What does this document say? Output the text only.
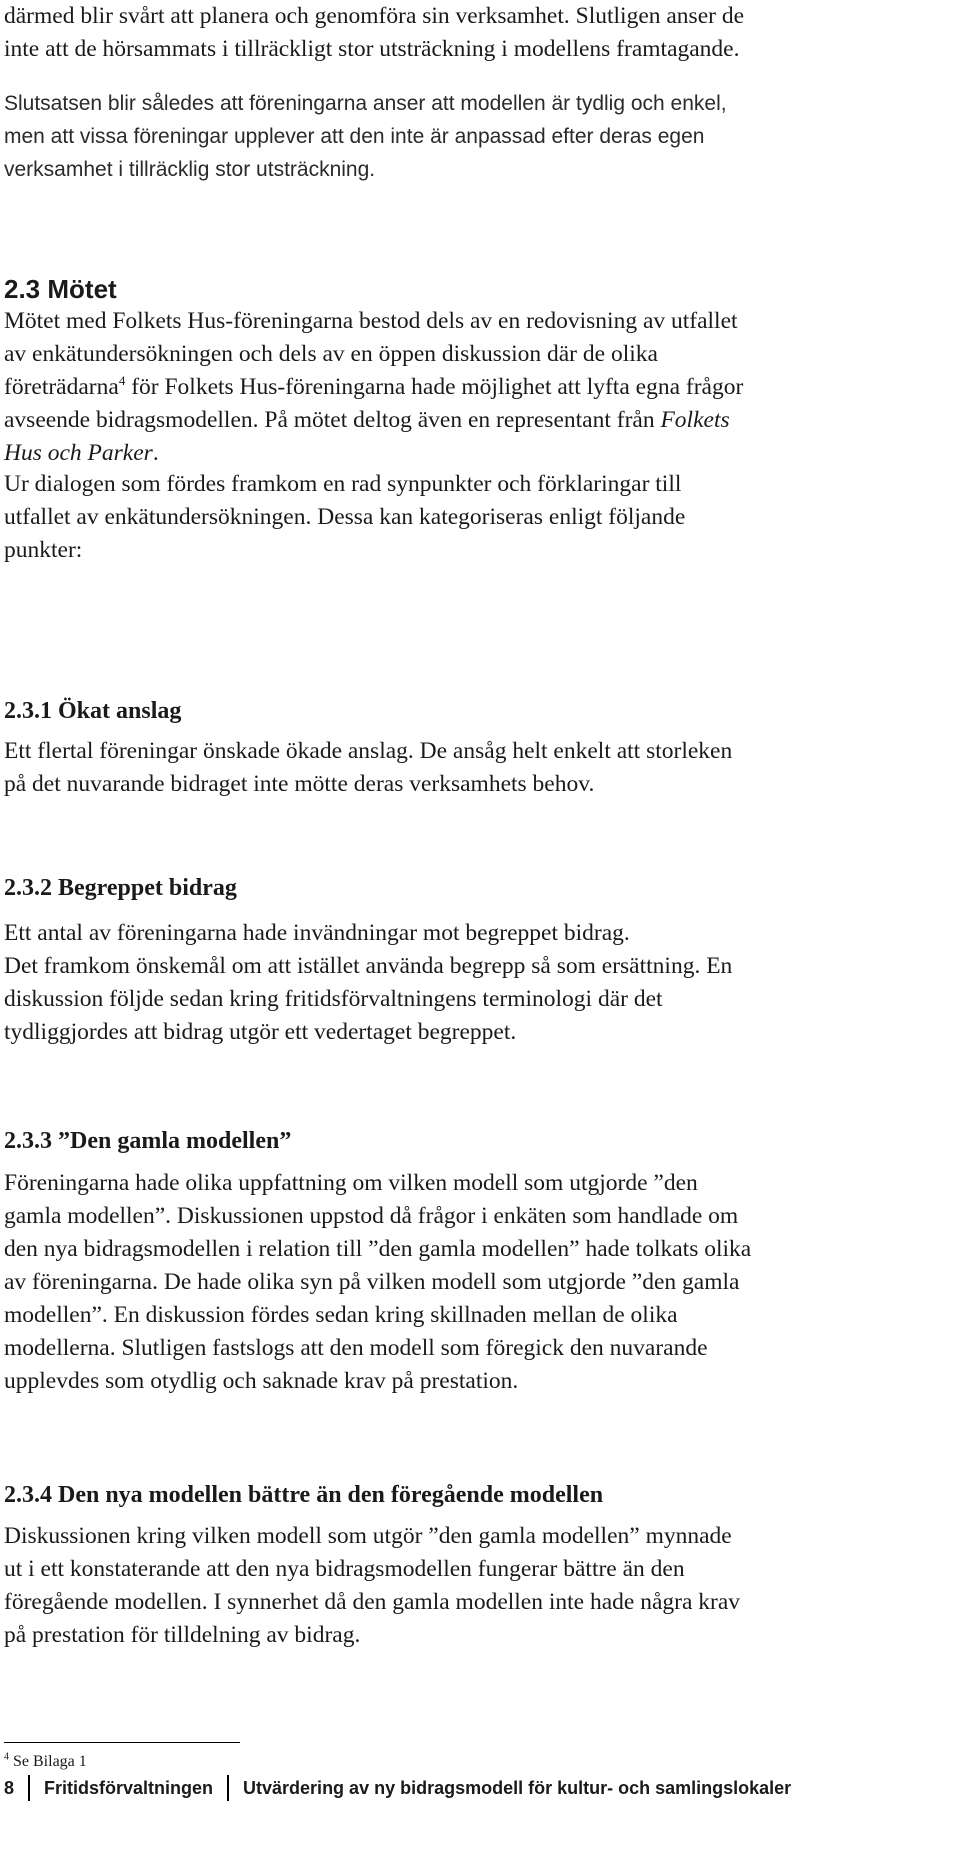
därmed blir svårt att planera och genomföra sin verksamhet. Slutligen anser de
inte att de hörsammats i tillräckligt stor utsträckning i modellens framtagande.

Slutsatsen blir således att föreningarna anser att modellen är tydlig och enkel,
men att vissa föreningar upplever att den inte är anpassad efter deras egen
verksamhet i tillräcklig stor utsträckning.

2.3 Mötet

Mötet med Folkets Hus-föreningarna bestod dels av en redovisning av utfallet
av enkätundersökningen och dels av en öppen diskussion där de olika
företrädarna$^4$ för Folkets Hus-föreningarna hade möjlighet att lyfta egna frågor
avseende bidragsmodellen. På mötet deltog även en representant från Folkets
Hus och Parker.

Ur dialogen som fördes framkom en rad synpunkter och förklaringar till
utfallet av enkätundersökningen. Dessa kan kategoriseras enligt följande
punkter:

2.3.1 Ökat anslag

Ett flertal föreningar önskade ökade anslag. De ansåg helt enkelt att storleken
på det nuvarande bidraget inte mötte deras verksamhets behov.

2.3.2 Begreppet bidrag

Ett antal av föreningarna hade invändningar mot begreppet bidrag.
Det framkom önskemål om att istället använda begrepp så som ersättning. En
diskussion följde sedan kring fritidsförvaltningens terminologi där det
tydliggjordes att bidrag utgör ett vedertaget begreppet.

2.3.3 ”Den gamla modellen”

Föreningarna hade olika uppfattning om vilken modell som utgjorde ”den
gamla modellen”. Diskussionen uppstod då frågor i enkäten som handlade om
den nya bidragsmodellen i relation till ”den gamla modellen” hade tolkats olika
av föreningarna. De hade olika syn på vilken modell som utgjorde ”den gamla
modellen”. En diskussion fördes sedan kring skillnaden mellan de olika
modellerna. Slutligen fastslogs att den modell som föregick den nuvarande
upplevdes som otydlig och saknade krav på prestation.

2.3.4 Den nya modellen bättre än den föregående modellen

Diskussionen kring vilken modell som utgör ”den gamla modellen” mynnade
ut i ett konstaterande att den nya bidragsmodellen fungerar bättre än den
föregående modellen. I synnerhet då den gamla modellen inte hade några krav
på prestation för tilldelning av bidrag.

$^4$ Se Bilaga 1
8 Fritidsförvaltningen Utvärdering av ny bidragsmodell för kultur- och samlingslokaler
